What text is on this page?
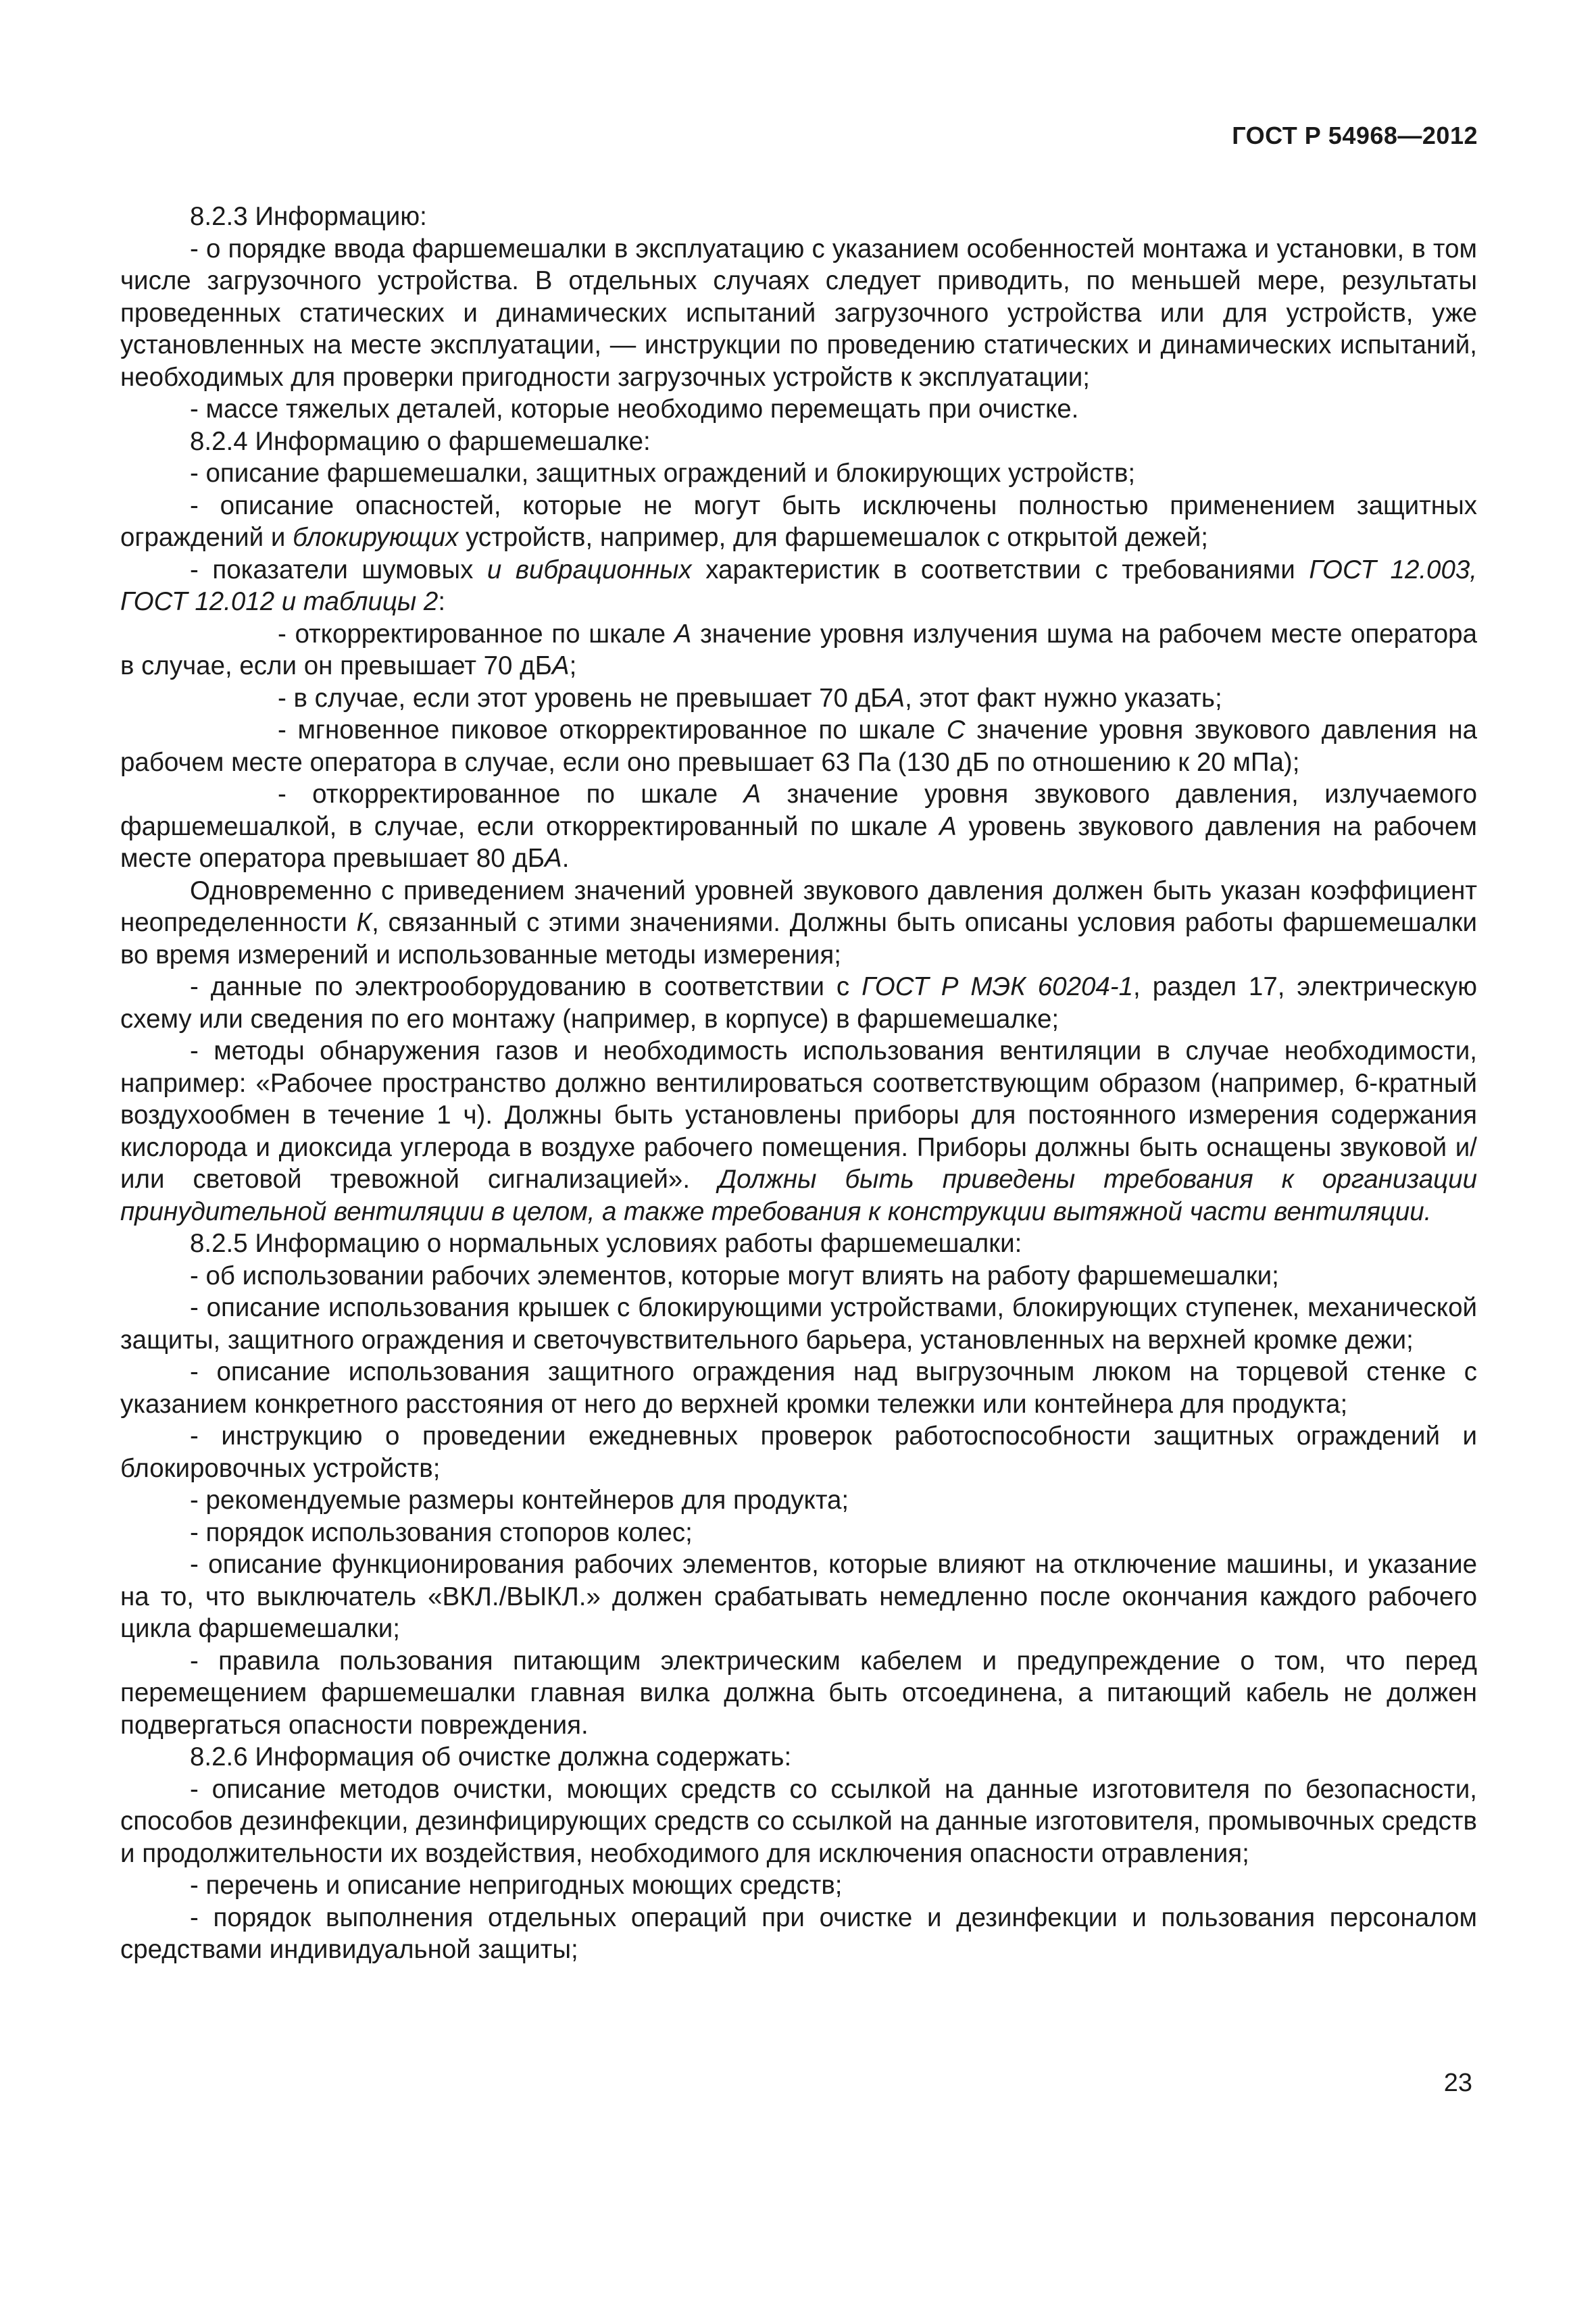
ГОСТ Р 54968—2012

8.2.3 Информацию:

- о порядке ввода фаршемешалки в эксплуатацию с указанием особенностей монтажа и установки, в том числе загрузочного устройства. В отдельных случаях следует приводить, по меньшей мере, результаты проведенных статических и динамических испытаний загрузочного устройства или для устройств, уже установленных на месте эксплуатации, — инструкции по проведению статических и динамических испытаний, необходимых для проверки пригодности загрузочных устройств к эксплуатации;

- массе тяжелых деталей, которые необходимо перемещать при очистке.

8.2.4 Информацию о фаршемешалке:

- описание фаршемешалки, защитных ограждений и блокирующих устройств;

- описание опасностей, которые не могут быть исключены полностью применением защитных ограждений и блокирующих устройств, например, для фаршемешалок с открытой дежей;

- показатели шумовых и вибрационных характеристик в соответствии с требованиями ГОСТ 12.003, ГОСТ 12.012 и таблицы 2:

- откорректированное по шкале А значение уровня излучения шума на рабочем месте оператора в случае, если он превышает 70 дБА;

- в случае, если этот уровень не превышает 70 дБА, этот факт нужно указать;

- мгновенное пиковое откорректированное по шкале С значение уровня звукового давления на рабочем месте оператора в случае, если оно превышает 63 Па (130 дБ по отношению к 20 мПа);

- откорректированное по шкале А значение уровня звукового давления, излучаемого фаршемешалкой, в случае, если откорректированный по шкале А уровень звукового давления на рабочем месте оператора превышает 80 дБА.

Одновременно с приведением значений уровней звукового давления должен быть указан коэффициент неопределенности К, связанный с этими значениями. Должны быть описаны условия работы фаршемешалки во время измерений и использованные методы измерения;

- данные по электрооборудованию в соответствии с ГОСТ Р МЭК 60204-1, раздел 17, электрическую схему или сведения по его монтажу (например, в корпусе) в фаршемешалке;

- методы обнаружения газов и необходимость использования вентиляции в случае необходимости, например: «Рабочее пространство должно вентилироваться соответствующим образом (например, 6-кратный воздухообмен в течение 1 ч). Должны быть установлены приборы для постоянного измерения содержания кислорода и диоксида углерода в воздухе рабочего помещения. Приборы должны быть оснащены звуковой и/или световой тревожной сигнализацией». Должны быть приведены требования к организации принудительной вентиляции в целом, а также требования к конструкции вытяжной части вентиляции.

8.2.5 Информацию о нормальных условиях работы фаршемешалки:

- об использовании рабочих элементов, которые могут влиять на работу фаршемешалки;

- описание использования крышек с блокирующими устройствами, блокирующих ступенек, механической защиты, защитного ограждения и светочувствительного барьера, установленных на верхней кромке дежи;

- описание использования защитного ограждения над выгрузочным люком на торцевой стенке с указанием конкретного расстояния от него до верхней кромки тележки или контейнера для продукта;

- инструкцию о проведении ежедневных проверок работоспособности защитных ограждений и блокировочных устройств;

- рекомендуемые размеры контейнеров для продукта;

- порядок использования стопоров колес;

- описание функционирования рабочих элементов, которые влияют на отключение машины, и указание на то, что выключатель «ВКЛ./ВЫКЛ.» должен срабатывать немедленно после окончания каждого рабочего цикла фаршемешалки;

- правила пользования питающим электрическим кабелем и предупреждение о том, что перед перемещением фаршемешалки главная вилка должна быть отсоединена, а питающий кабель не должен подвергаться опасности повреждения.

8.2.6 Информация об очистке должна содержать:

- описание методов очистки, моющих средств со ссылкой на данные изготовителя по безопасности, способов дезинфекции, дезинфицирующих средств со ссылкой на данные изготовителя, промывочных средств и продолжительности их воздействия, необходимого для исключения опасности отравления;

- перечень и описание непригодных моющих средств;

- порядок выполнения отдельных операций при очистке и дезинфекции и пользования персоналом средствами индивидуальной защиты;

23
